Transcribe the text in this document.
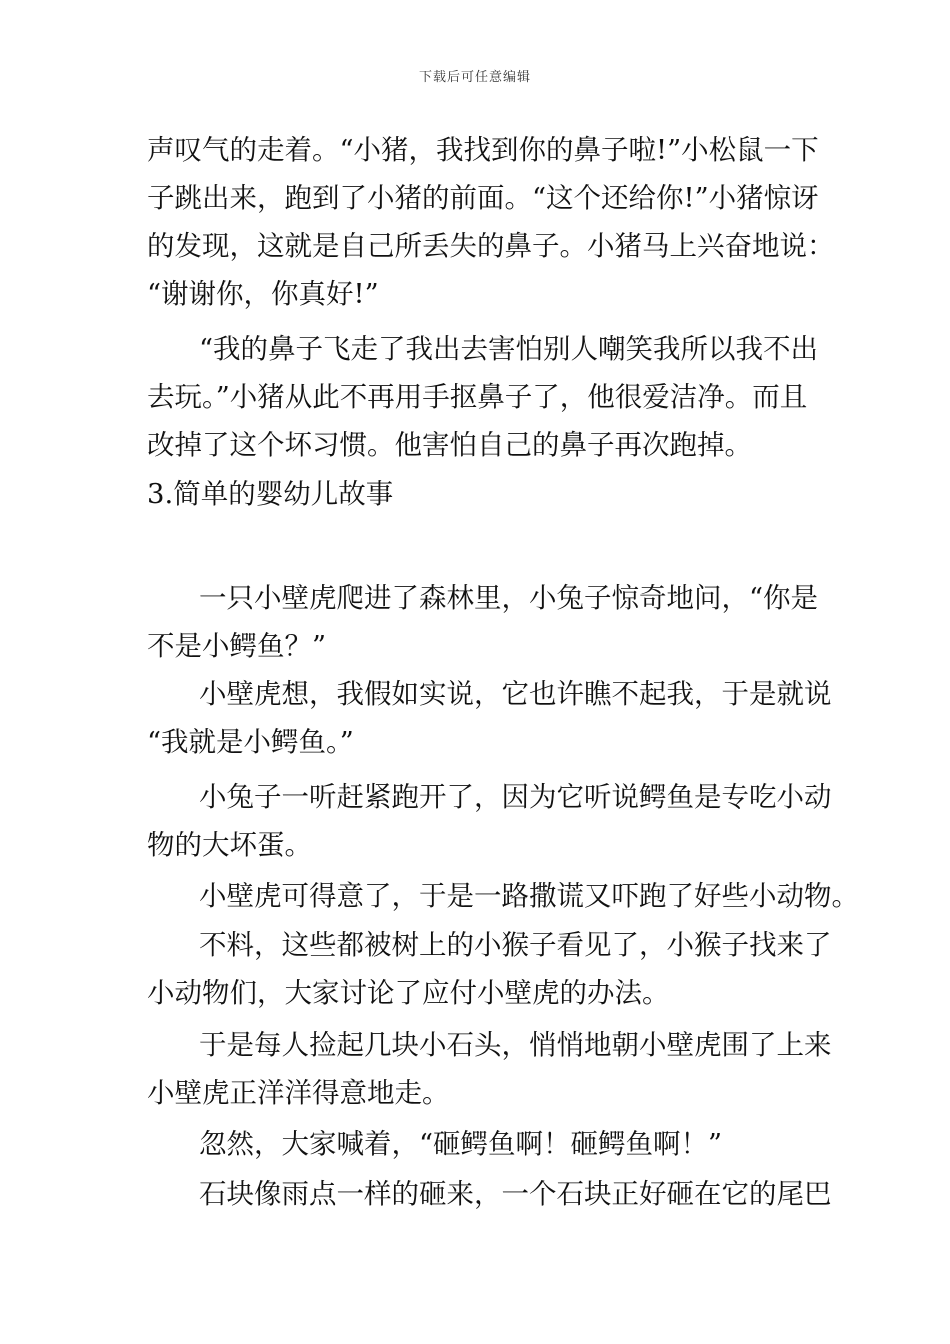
下载后可任意编辑
声叹气的走着。“小猪，我找到你的鼻子啦!”小松鼠一下
子跳出来，跑到了小猪的前面。“这个还给你!”小猪惊讶
的发现，这就是自己所丢失的鼻子。小猪马上兴奋地说：
“谢谢你，你真好!”
“我的鼻子飞走了我出去害怕别人嘲笑我所以我不出
去玩。”小猪从此不再用手抠鼻子了，他很爱洁净。而且
改掉了这个坏习惯。他害怕自己的鼻子再次跑掉。
3.简单的婴幼儿故事
一只小壁虎爬进了森林里，小兔子惊奇地问，“你是
不是小鳄鱼？”
小壁虎想，我假如实说，它也许瞧不起我，于是就说
“我就是小鳄鱼。”
小兔子一听赶紧跑开了，因为它听说鳄鱼是专吃小动
物的大坏蛋。
小壁虎可得意了，于是一路撒谎又吓跑了好些小动物。
不料，这些都被树上的小猴子看见了，小猴子找来了
小动物们，大家讨论了应付小壁虎的办法。
于是每人捡起几块小石头，悄悄地朝小壁虎围了上来
小壁虎正洋洋得意地走。
忽然，大家喊着，“砸鳄鱼啊！砸鳄鱼啊！”
石块像雨点一样的砸来，一个石块正好砸在它的尾巴
